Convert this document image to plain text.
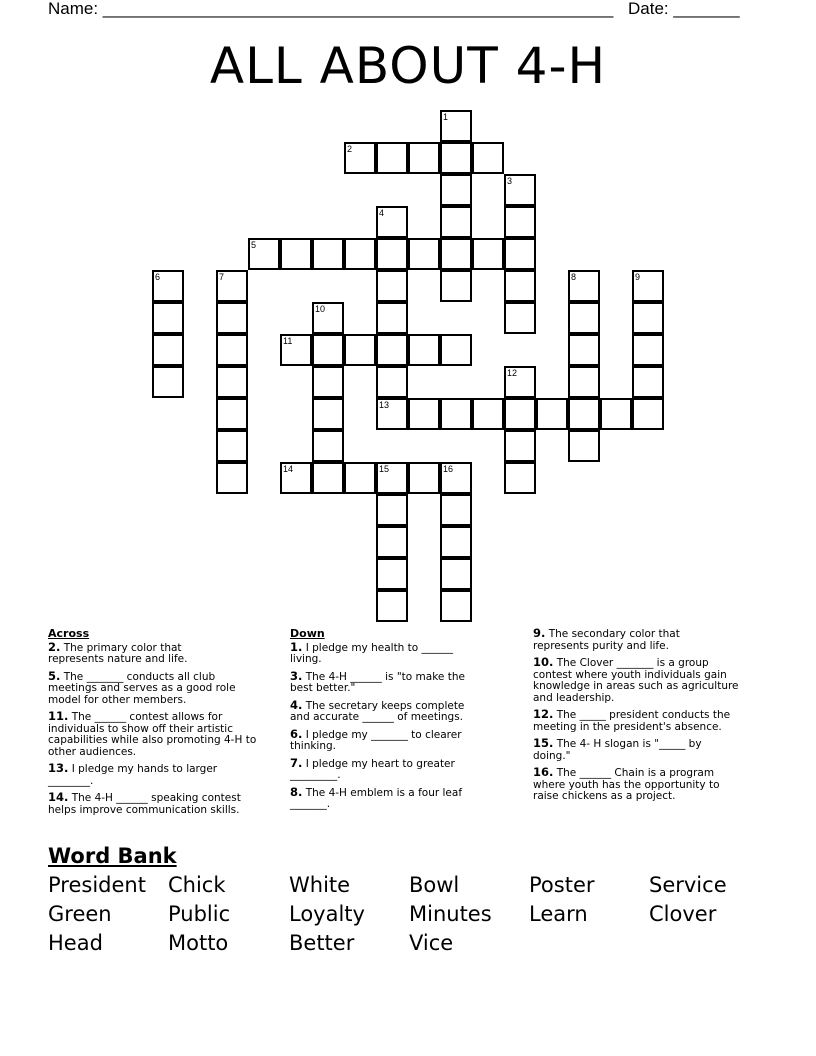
Name: ______________________________________________________ Date: _______
ALL ABOUT 4-H
1
2
3
4
13
5
6	7	8	9
10
11
12
14	15	16
Across
2. The primary color that
represents nature and life.
5. The _______ conducts all club
meetings and serves as a good role
model for other members.
11. The ______ contest allows for
individuals to show off their artistic
capabilities while also promoting 4-H to
other audiences.
13. I pledge my hands to larger
________.
14. The 4-H ______ speaking contest
helps improve communication skills.
Down
1. I pledge my health to ______
living.
3. The 4-H ______ is "to make the
best better."
4. The secretary keeps complete
and accurate ______ of meetings.
6. I pledge my _______ to clearer
thinking.
7. I pledge my heart to greater
_________.
8. The 4-H emblem is a four leaf
_______.
9. The secondary color that
represents purity and life.
10. The Clover _______ is a group
contest where youth individuals gain
knowledge in areas such as agriculture
and leadership.
12. The _____ president conducts the
meeting in the president's absence.
15. The 4- H slogan is "_____ by
doing."
16. The ______ Chain is a program
where youth has the opportunity to
raise chickens as a project.
Word Bank
President Chick	White	Bowl	Poster	Service
Green	Public	Loyalty Minutes Learn	Clover
Head	Motto	Better	Vice
